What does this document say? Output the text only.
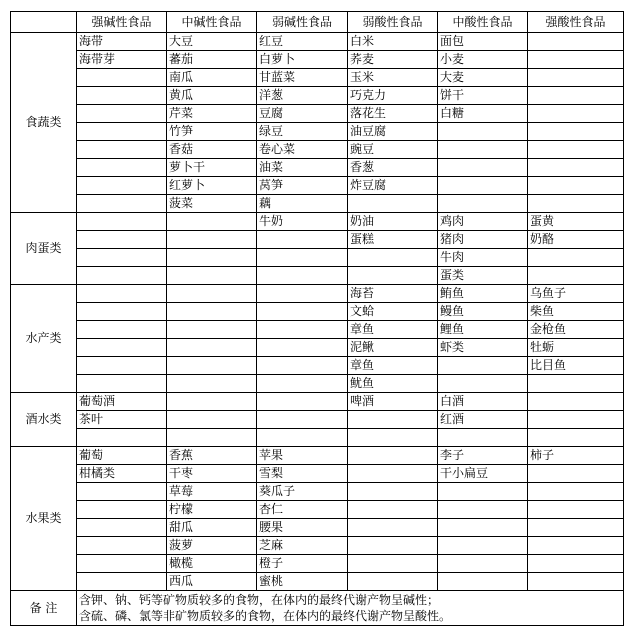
	强碱性食品	中碱性食品	弱碱性食品	弱酸性食品	中酸性食品	强酸性食品
食蔬类	海带	大豆	红豆	白米	面包	
	海带芽	蕃茄	白萝卜	荞麦	小麦	
		南瓜	甘蓝菜	玉米	大麦	
		黄瓜	洋葱	巧克力	饼干	
		芹菜	豆腐	落花生	白糖	
		竹笋	绿豆	油豆腐		
		香菇	卷心菜	豌豆		
		萝卜干	油菜	香葱		
		红萝卜	莴笋	炸豆腐		
		菠菜	藕			
肉蛋类			牛奶	奶油	鸡肉	蛋黄
				蛋糕	猪肉	奶酪
					牛肉	
					蛋类	
水产类				海苔	鲔鱼	乌鱼子
				文蛤	鳗鱼	柴鱼
				章鱼	鲤鱼	金枪鱼
				泥鳅	虾类	牡蛎
				章鱼		比目鱼
				鱿鱼		
酒水类	葡萄酒			啤酒	白酒	
	茶叶				红酒	

水果类	葡萄	香蕉	苹果		李子	柿子
	柑橘类	干枣	雪梨		干小扁豆	
		草莓	葵瓜子			
		柠檬	杏仁			
		甜瓜	腰果			
		菠萝	芝麻			
		橄榄	橙子			
		西瓜	蜜桃			
备 注	含钾、钠、钙等矿物质较多的食物，在体内的最终代谢产物呈碱性；
含硫、磷、氯等非矿物质较多的食物，在体内的最终代谢产物呈酸性。					
